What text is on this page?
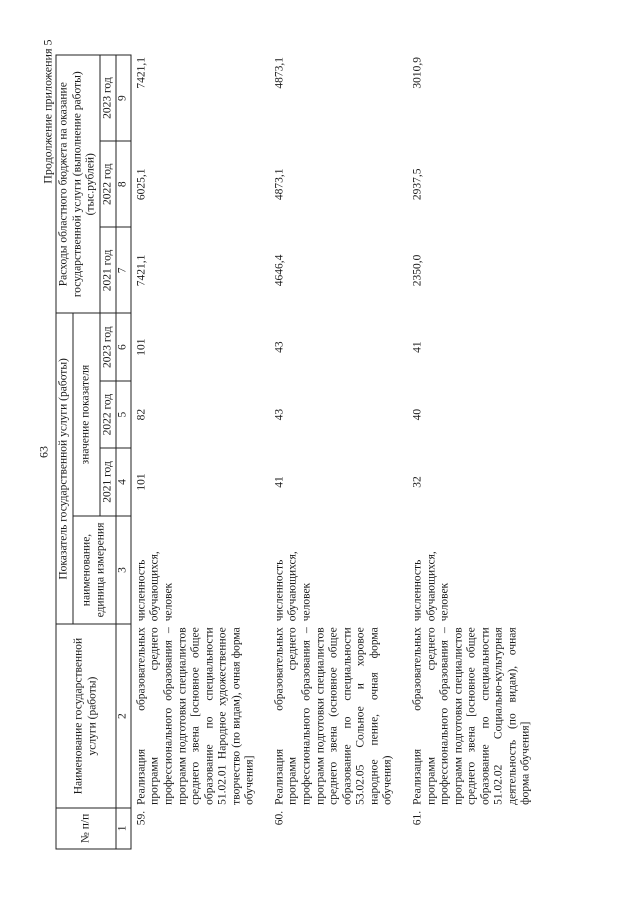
63
Продолжение приложения 5
№ п/п	Наименование государственной услуги (работы)	Показатель государственной услуги (работы)				Расходы областного бюджета на оказание государственной услуги (выполнение работы) (тыс.рублей)		
		наименование, единица измерения	значение показателя					
			2021 год	2022 год	2023 год	2021 год	2022 год	2023 год
1	2	3	4	5	6	7	8	9
59.	Реализация образовательных программ среднего профессионального образования – программ подготовки специалистов среднего звена [основное общее образование по специальности 51.02.01 Народное художественное творчество (по видам), очная форма обучения]	численность обучающихся, человек	101	82	101	7421,1	6025,1	7421,1
60.	Реализация образовательных программ среднего профессионального образования – программ подготовки специалистов среднего звена (основное общее образование по специальности 53.02.05 Сольное и хоровое народное пение, очная форма обучения)	численность обучающихся, человек	41	43	43	4646,4	4873,1	4873,1
61.	Реализация образовательных программ среднего профессионального образования – программ подготовки специалистов среднего звена [основное общее образование по специальности 51.02.02 Социально-культурная деятельность (по видам), очная форма обучения]	численность обучающихся, человек	32	40	41	2350,0	2937,5	3010,9
